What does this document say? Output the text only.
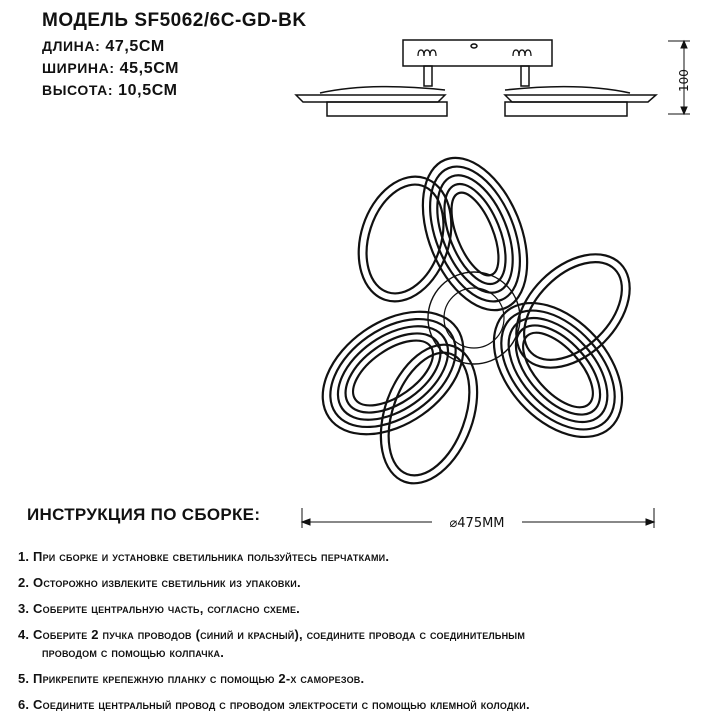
МОДЕЛЬ SF5062/6C-GD-BK
ДЛИНА: 47,5СМ
ШИРИНА: 45,5СМ
ВЫСОТА: 10,5СМ	100
⌀475ММ
ИНСТРУКЦИЯ ПО СБОРКЕ:
1. При сборке и установке светильника пользуйтесь перчатками.
2. Осторожно извлеките светильник из упаковки.
3. Соберите центральную часть, согласно схеме.
4. Соберите 2 пучка проводов (синий и красный), соедините провода с соединительным
проводом с помощью колпачка.
5. Прикрепите крепежную планку с помощью 2-х саморезов.
6. Соедините центральный провод с проводом электросети с помощью клемной колодки.
